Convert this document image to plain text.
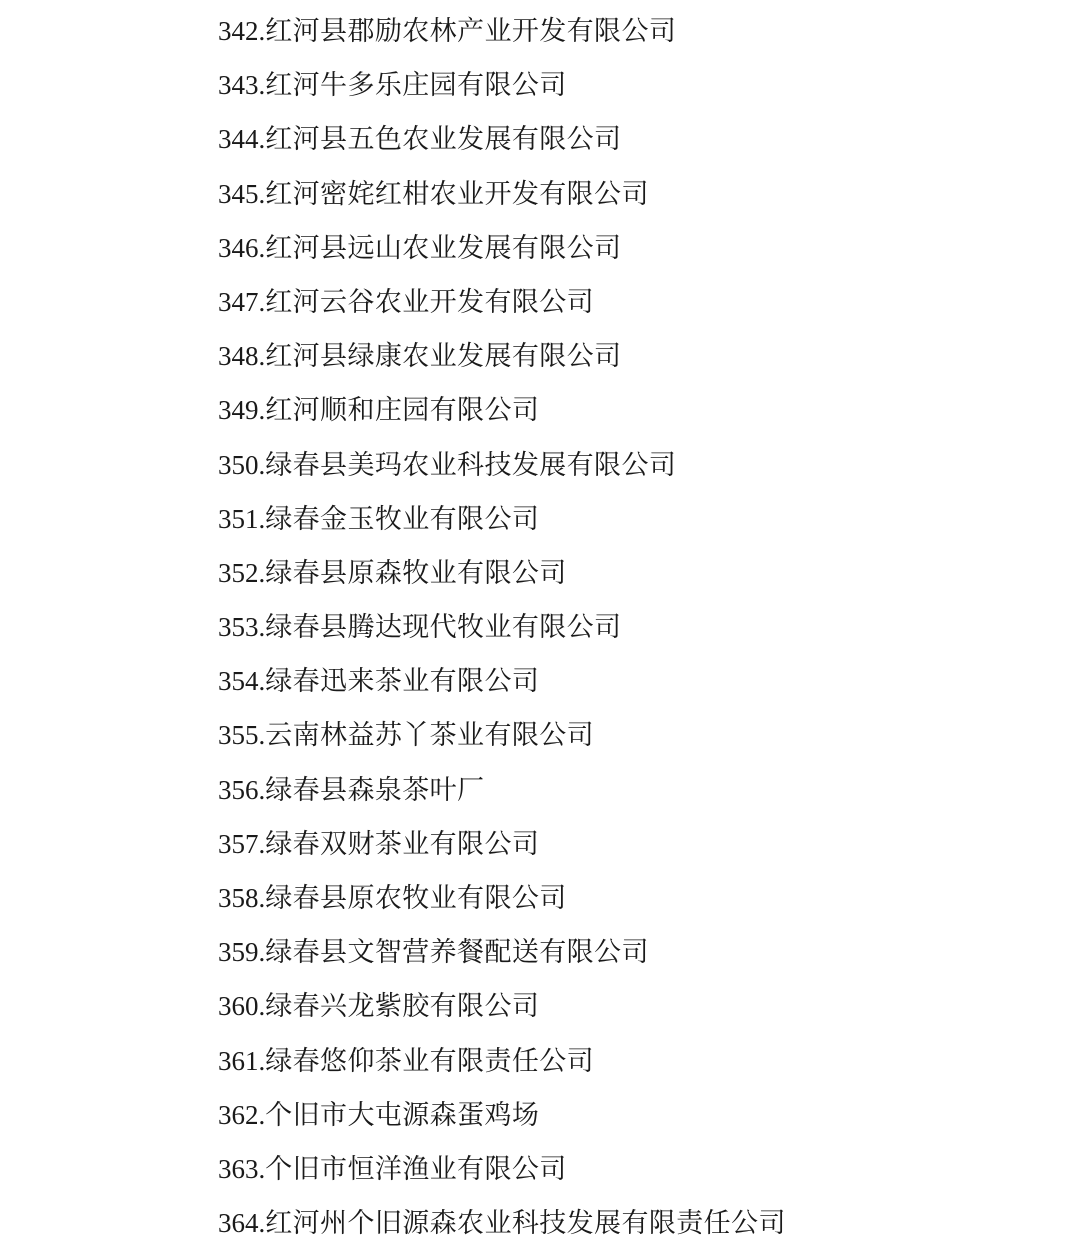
342. 红河县郡励农林产业开发有限公司
343. 红河牛多乐庄园有限公司
344. 红河县五色农业发展有限公司
345. 红河密姹红柑农业开发有限公司
346. 红河县远山农业发展有限公司
347. 红河云谷农业开发有限公司
348. 红河县绿康农业发展有限公司
349. 红河顺和庄园有限公司
350. 绿春县美玛农业科技发展有限公司
351. 绿春金玉牧业有限公司
352. 绿春县原森牧业有限公司
353. 绿春县腾达现代牧业有限公司
354. 绿春迅来茶业有限公司
355. 云南林益苏丫茶业有限公司
356. 绿春县森泉茶叶厂
357. 绿春双财茶业有限公司
358. 绿春县原农牧业有限公司
359. 绿春县文智营养餐配送有限公司
360. 绿春兴龙紫胶有限公司
361. 绿春悠仰茶业有限责任公司
362. 个旧市大屯源森蛋鸡场
363. 个旧市恒洋渔业有限公司
364. 红河州个旧源森农业科技发展有限责任公司
